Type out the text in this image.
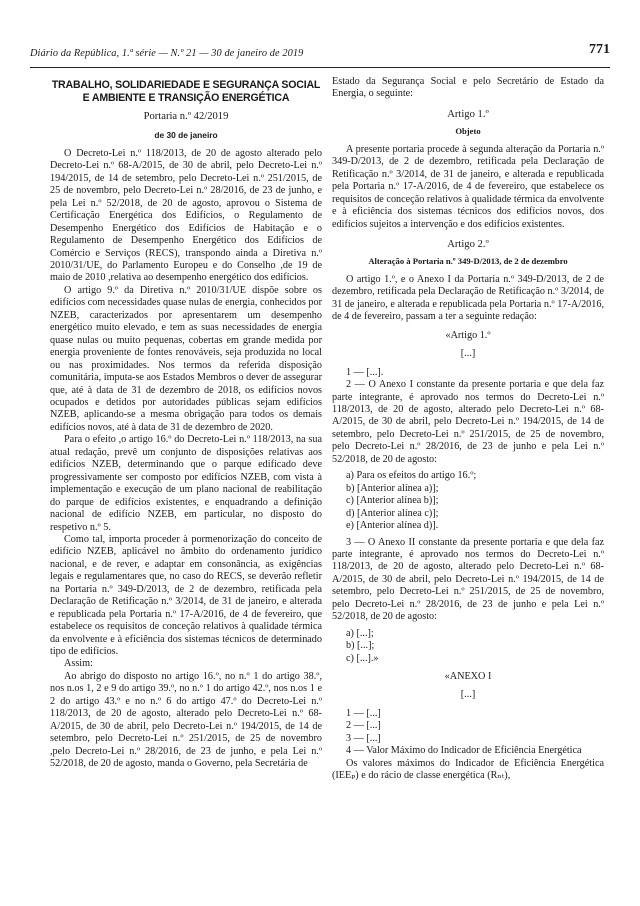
Diário da República, 1.ª série — N.º 21 — 30 de janeiro de 2019	771
TRABALHO, SOLIDARIEDADE E SEGURANÇA SOCIAL E AMBIENTE E TRANSIÇÃO ENERGÉTICA
Portaria n.º 42/2019
de 30 de janeiro

O Decreto-Lei n.º 118/2013, de 20 de agosto alterado pelo Decreto-Lei n.º 68-A/2015, de 30 de abril, pelo Decreto-Lei n.º 194/2015, de 14 de setembro, pelo Decreto-Lei n.º 251/2015, de 25 de novembro, pelo Decreto-Lei n.º 28/2016, de 23 de junho, e pela Lei n.º 52/2018, de 20 de agosto, aprovou o Sistema de Certificação Energética dos Edifícios, o Regulamento de Desempenho Energético dos Edifícios de Habitação e o Regulamento de Desempenho Energético dos Edifícios de Comércio e Serviços (RECS), transpondo ainda a Diretiva n.º 2010/31/UE, do Parlamento Europeu e do Conselho ,de 19 de maio de 2010 ,relativa ao desempenho energético dos edifícios.

O artigo 9.º da Diretiva n.º 2010/31/UE dispõe sobre os edifícios com necessidades quase nulas de energia, conhecidos por NZEB, caracterizados por apresentarem um desempenho energético muito elevado, e tem as suas necessidades de energia quase nulas ou muito pequenas, cobertas em grande medida por energia proveniente de fontes renováveis, seja produzida no local ou nas proximidades. Nos termos da referida disposição comunitária, imputa-se aos Estados Membros o dever de assegurar que, até à data de 31 de dezembro de 2018, os edifícios novos ocupados e detidos por autoridades públicas sejam edifícios NZEB, aplicando-se a mesma obrigação para todos os demais edifícios novos, até à data de 31 de dezembro de 2020.

Para o efeito ,o artigo 16.º do Decreto-Lei n.º 118/2013, na sua atual redação, prevê um conjunto de disposições relativas aos edifícios NZEB, determinando que o parque edificado deve progressivamente ser composto por edifícios NZEB, com vista à implementação e execução de um plano nacional de reabilitação do parque de edifícios existentes, e enquadrando a definição nacional de edifício NZEB, em particular, no disposto do respetivo n.º 5.

Como tal, importa proceder à pormenorização do conceito de edifício NZEB, aplicável no âmbito do ordenamento jurídico nacional, e de rever, e adaptar em consonância, as exigências legais e regulamentares que, no caso do RECS, se deverão refletir na Portaria n.º 349-D/2013, de 2 de dezembro, retificada pela Declaração de Retificação n.º 3/2014, de 31 de janeiro, e alterada e republicada pela Portaria n.º 17-A/2016, de 4 de fevereiro, que estabelece os requisitos de conceção relativos à qualidade térmica da envolvente e à eficiência dos sistemas técnicos de determinado tipo de edifícios.

Assim:

Ao abrigo do disposto no artigo 16.º, no n.º 1 do artigo 38.º, nos n.os 1, 2 e 9 do artigo 39.º, no n.º 1 do artigo 42.º, nos n.os 1 e 2 do artigo 43.º e no n.º 6 do artigo 47.º do Decreto-Lei n.º 118/2013, de 20 de agosto, alterado pelo Decreto-Lei n.º 68-A/2015, de 30 de abril, pelo Decreto-Lei n.º 194/2015, de 14 de setembro, pelo Decreto-Lei n.º 251/2015, de 25 de novembro ,pelo Decreto-Lei n.º 28/2016, de 23 de junho, e pela Lei n.º 52/2018, de 20 de agosto, manda o Governo, pela Secretária de

Estado da Segurança Social e pelo Secretário de Estado da Energia, o seguinte:

Artigo 1.º
Objeto

A presente portaria procede à segunda alteração da Portaria n.º 349-D/2013, de 2 de dezembro, retificada pela Declaração de Retificação n.º 3/2014, de 31 de janeiro, e alterada e republicada pela Portaria n.º 17-A/2016, de 4 de fevereiro, que estabelece os requisitos de conceção relativos à qualidade térmica da envolvente e à eficiência dos sistemas técnicos dos edifícios novos, dos edifícios sujeitos a intervenção e dos edifícios existentes.

Artigo 2.º
Alteração à Portaria n.º 349-D/2013, de 2 de dezembro

O artigo 1.º, e o Anexo I da Portaria n.º 349-D/2013, de 2 de dezembro, retificada pela Declaração de Retificação n.º 3/2014, de 31 de janeiro, e alterada e republicada pela Portaria n.º 17-A/2016, de 4 de fevereiro, passam a ter a seguinte redação:

«Artigo 1.º
[...]

1 — [...].

2 — O Anexo I constante da presente portaria e que dela faz parte integrante, é aprovado nos termos do Decreto-Lei n.º 118/2013, de 20 de agosto, alterado pelo Decreto-Lei n.º 68-A/2015, de 30 de abril, pelo Decreto-Lei n.º 194/2015, de 14 de setembro, pelo Decreto-Lei n.º 251/2015, de 25 de novembro, pelo Decreto-Lei n.º 28/2016, de 23 de junho e pela Lei n.º 52/2018, de 20 de agosto:

a) Para os efeitos do artigo 16.º;
b) [Anterior alínea a)];
c) [Anterior alínea b)];
d) [Anterior alínea c)];
e) [Anterior alínea d)].

3 — O Anexo II constante da presente portaria e que dela faz parte integrante, é aprovado nos termos do Decreto-Lei n.º 118/2013, de 20 de agosto, alterado pelo Decreto-Lei n.º 68-A/2015, de 30 de abril, pelo Decreto-Lei n.º 194/2015, de 14 de setembro, pelo Decreto-Lei n.º 251/2015, de 25 de novembro, pelo Decreto-Lei n.º 28/2016, de 23 de junho e pela Lei n.º 52/2018, de 20 de agosto:

a) [...];
b) [...];
c) [...].»
«ANEXO I
[...]

1 — [...]

2 — [...]

3 — [...]

4 — Valor Máximo do Indicador de Eficiência Energética

Os valores máximos do Indicador de Eficiência Energética (IEEₚ) e do rácio de classe energética (Rₙₜ),
